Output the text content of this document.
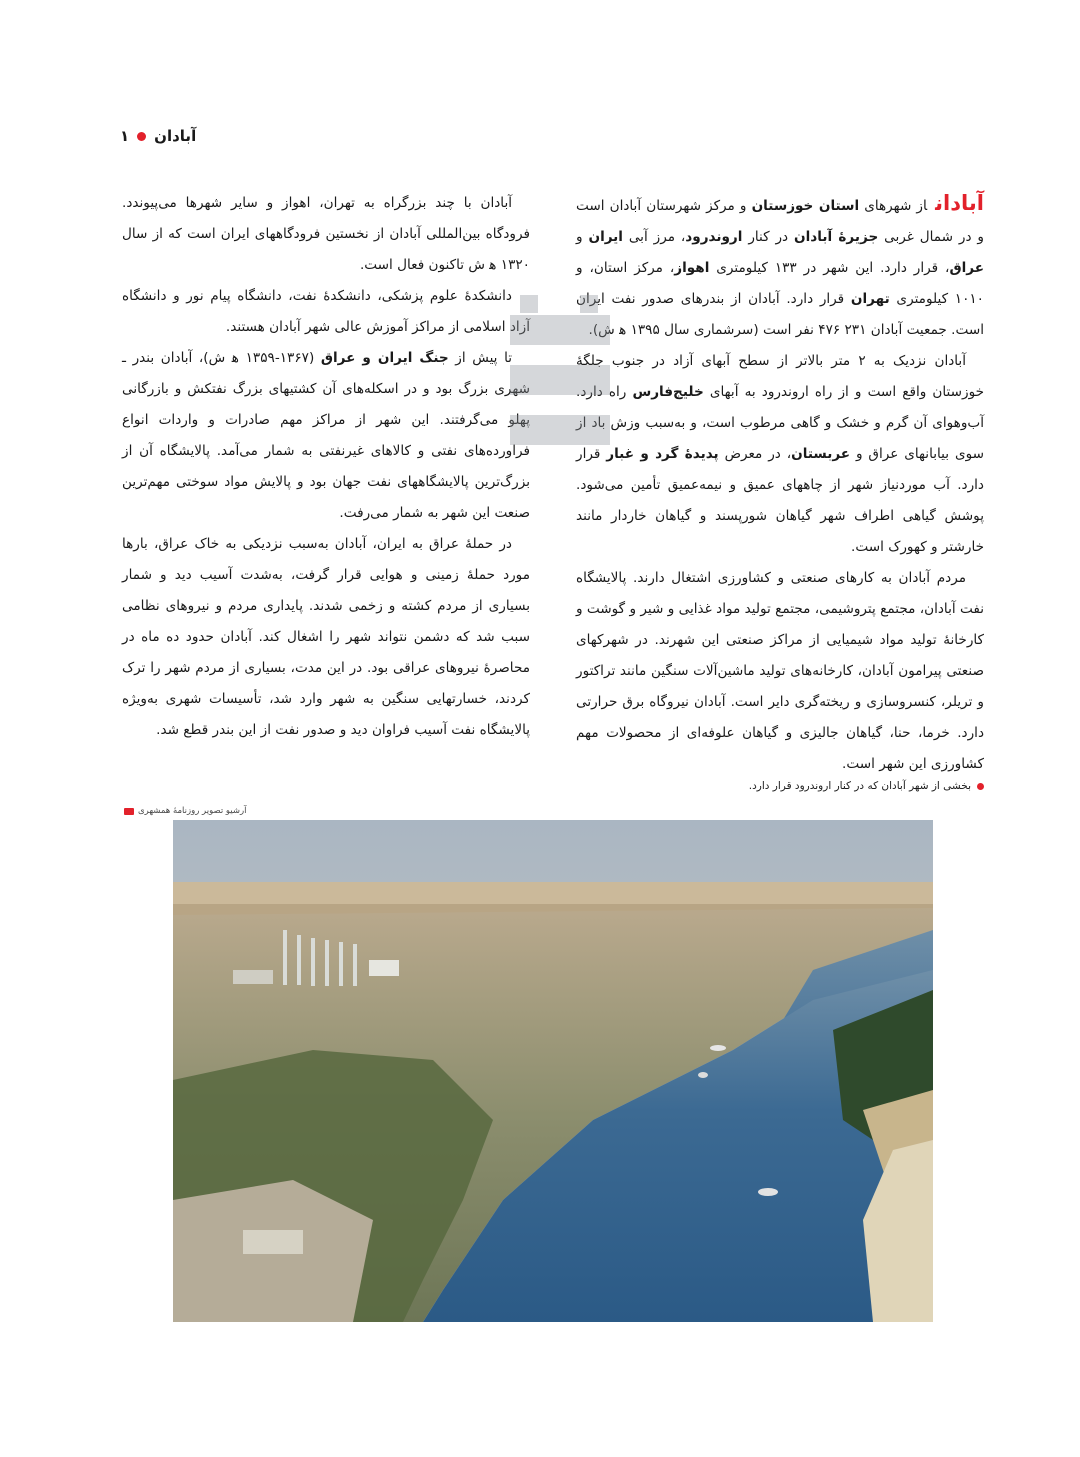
آبادان
۱

آباداناز شهرهای استان خوزستان و مرکز شهرستان آبادان است و در شمال غربی جزیرهٔ آبادان در کنار اروندرود، مرز آبی ایران و عراق، قرار دارد. این شهر در ۱۳۳ کیلومتری اهواز، مرکز استان، و ۱۰۱۰ کیلومتری تهران قرار دارد. آبادان از بندرهای صدور نفت ایران است. جمعیت آبادان ۲۳۱ ۴۷۶ نفر است (سرشماری سال ۱۳۹۵ ه‍ ش).

آبادان نزدیک به ۲ متر بالاتر از سطح آبهای آزاد در جنوب جلگهٔ خوزستان واقع است و از راه اروندرود به آبهای خلیج‌فارس راه دارد. آب‌وهوای آن گرم و خشک و گاهی مرطوب است، و به‌سبب وزش باد از سوی بیابانهای عراق و عربستان، در معرض پدیدهٔ گرد و غبار قرار دارد. آب مورد‌نیاز شهر از چاههای عمیق و نیمه‌عمیق تأمین می‌شود. پوشش گیاهی اطراف شهر گیاهان شورپسند و گیاهان خاردار مانند خارشتر و کهورک است.

مردم آبادان به کارهای صنعتی و کشاورزی اشتغال دارند. پالایشگاه نفت آبادان، مجتمع پتروشیمی، مجتمع تولید مواد غذایی و شیر و گوشت و کارخانهٔ تولید مواد شیمیایی از مراکز صنعتی این شهرند. در شهرکهای صنعتی پیرامون آبادان، کارخانه‌های تولید ماشین‌آلات سنگین مانند تراکتور و تریلر، کنسروسازی و ریخته‌گری دایر است. آبادان نیروگاه برق حرارتی دارد. خرما، حنا، گیاهان جالیزی و گیاهان علوفه‌ای از محصولات مهم کشاورزی این شهر است.

آبادان با چند بزرگراه به تهران، اهواز و سایر شهرها می‌پیوندد. فرودگاه بین‌المللی آبادان از نخستین فرودگاههای ایران است که از سال ۱۳۲۰ ه‍ ش تاکنون فعال است.

دانشکدهٔ علوم پزشکی، دانشکدهٔ نفت، دانشگاه پیام نور و دانشگاه آزاد اسلامی از مراکز آموزش عالی شهر آبادان هستند.

تا پیش از جنگ ایران و عراق (۱۳۶۷-۱۳۵۹ ه‍ ش)، آبادان بندر ـ شهری بزرگ بود و در اسکله‌های آن کشتیهای بزرگ نفتکش و بازرگانی پهلو می‌گرفتند. این شهر از مراکز مهم صادرات و واردات انواع فراورده‌های نفتی و کالاهای غیرنفتی به شمار می‌آمد. پالایشگاه آن از بزرگ‌ترین پالایشگاههای نفت جهان بود و پالایش مواد سوختی مهم‌ترین صنعت این شهر به شمار می‌رفت.

در حملهٔ عراق به ایران، آبادان به‌سبب نزدیکی به خاک عراق، بارها مورد حملهٔ زمینی و هوایی قرار گرفت، به‌شدت آسیب دید و شمار بسیاری از مردم کشته و زخمی شدند. پایداری مردم و نیروهای نظامی سبب شد که دشمن نتواند شهر را اشغال کند. آبادان حدود ده ماه در محاصرهٔ نیروهای عراقی بود. در این مدت، بسیاری از مردم شهر را ترک کردند، خسارتهایی سنگین به شهر وارد شد، تأسیسات شهری به‌ویژه پالایشگاه نفت آسیب فراوان دید و صدور نفت از این بندر قطع شد.

بخشی از شهر آبادان که در کنار اروندرود قرار دارد.
آرشیو تصویر روزنامهٔ همشهری
